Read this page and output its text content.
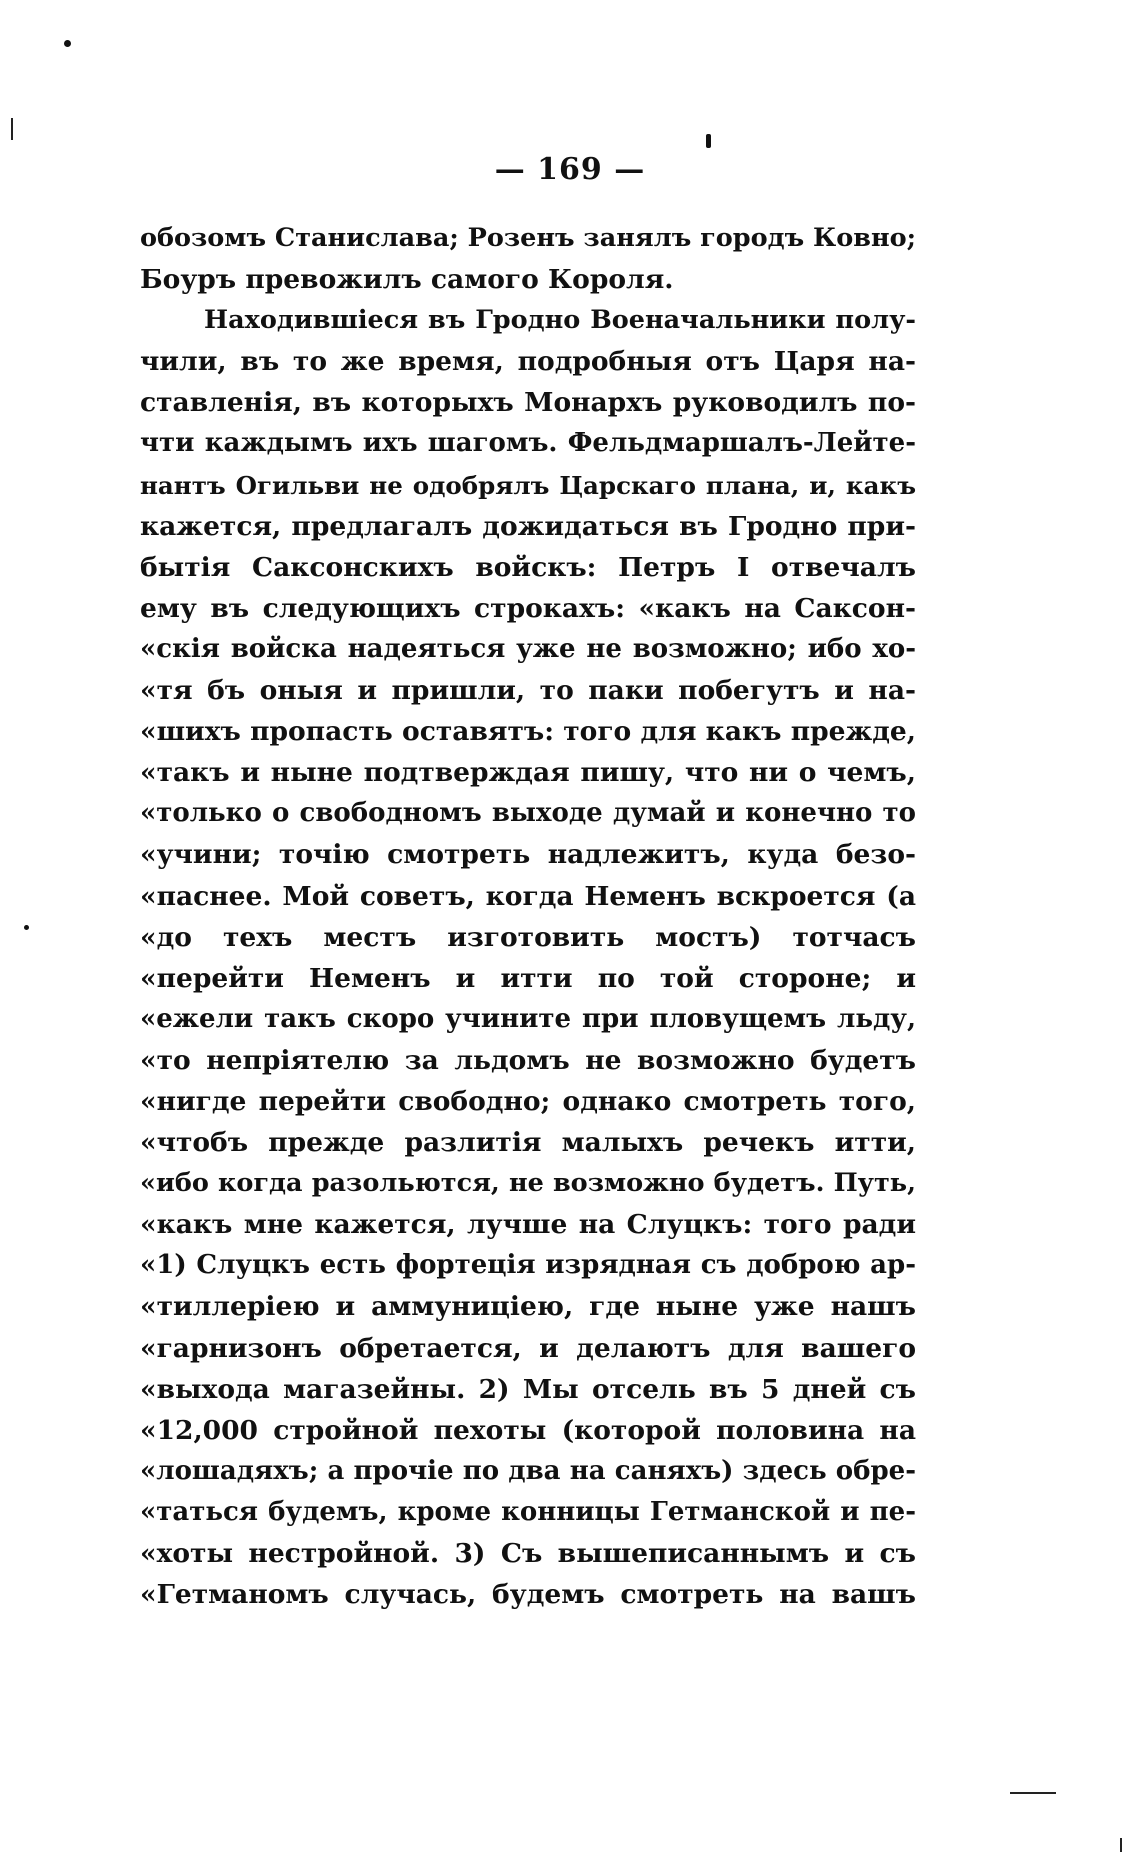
— 169 —
обозомъ Станислава; Розенъ занялъ городъ Ковно;
Боуръ превожилъ самого Короля.
Находившіеся въ Гродно Военачальники полу-
чили, въ то же время, подробныя отъ Царя на-
ставленія, въ которыхъ Монархъ руководилъ по-
чти каждымъ ихъ шагомъ. Фельдмаршалъ-Лейте-
нантъ Огильви не одобрялъ Царскаго плана, и, какъ
кажется, предлагалъ дожидаться въ Гродно при-
бытія Саксонскихъ войскъ: Петръ I отвечалъ
ему въ следующихъ строкахъ: «какъ на Саксон-
«скія войска надеяться уже не возможно; ибо хо-
«тя бъ оныя и пришли, то паки побегутъ и на-
«шихъ пропасть оставятъ: того для какъ прежде,
«такъ и ныне подтверждая пишу, что ни о чемъ,
«только о свободномъ выходе думай и конечно то
«учини; точію смотреть надлежитъ, куда безо-
«паснее. Мой советъ, когда Неменъ вскроется (а
«до техъ местъ изготовить мостъ) тотчасъ
«перейти Неменъ и итти по той стороне; и
«ежели такъ скоро учините при пловущемъ льду,
«то непріятелю за льдомъ не возможно будетъ
«нигде перейти свободно; однако смотреть того,
«чтобъ прежде разлитія малыхъ речекъ итти,
«ибо когда разольются, не возможно будетъ. Путь,
«какъ мне кажется, лучше на Слуцкъ: того ради
«1) Слуцкъ есть фортеція изрядная съ доброю ар-
«тиллеріею и аммуниціею, где ныне уже нашъ
«гарнизонъ обретается, и делаютъ для вашего
«выхода магазейны. 2) Мы отсель въ 5 дней съ
«12,000 стройной пехоты (которой половина на
«лошадяхъ; а прочіе по два на саняхъ) здесь обре-
«таться будемъ, кроме конницы Гетманской и пе-
«хоты нестройной. 3) Съ вышеписаннымъ и съ
«Гетманомъ случась, будемъ смотреть на вашъ
